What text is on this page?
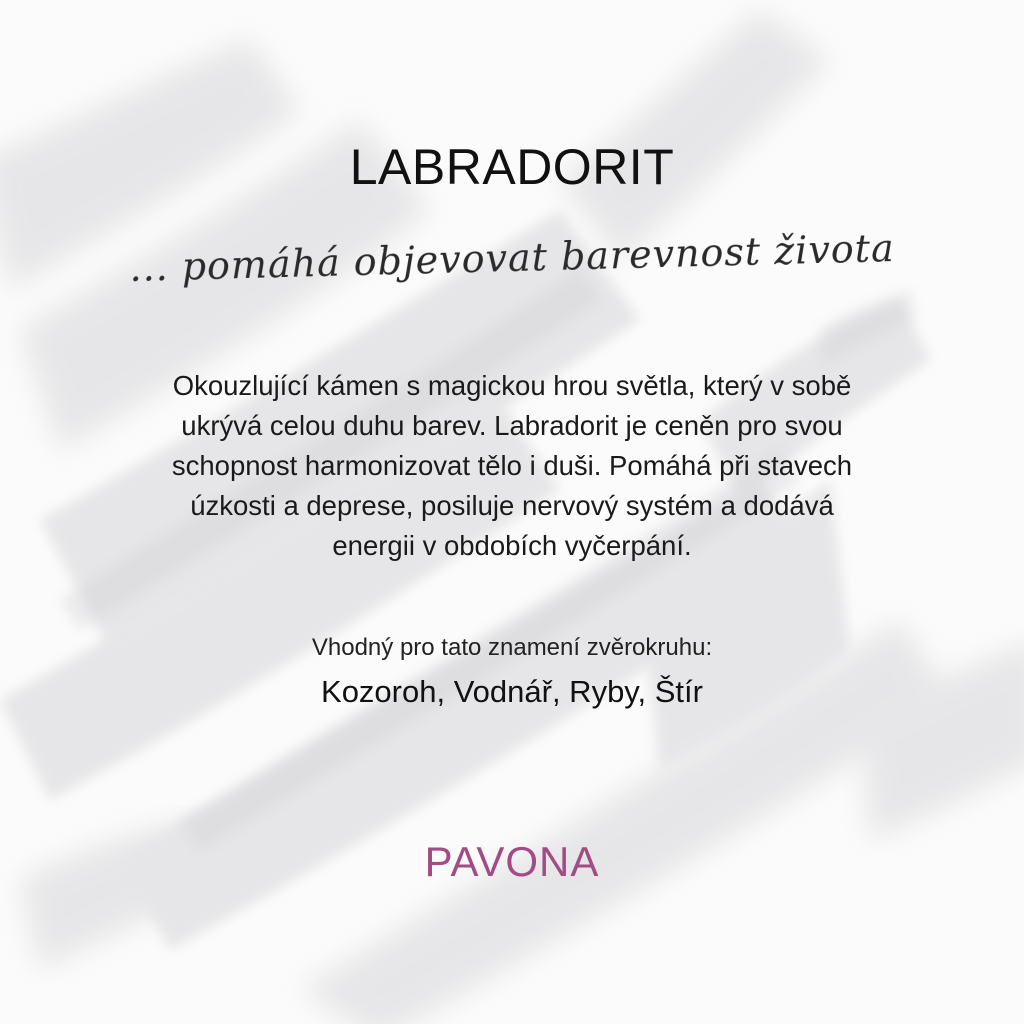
LABRADORIT
... pomáhá objevovat barevnost života

Okouzlující kámen s magickou hrou světla, který v sobě
ukrývá celou duhu barev. Labradorit je ceněn pro svou
schopnost harmonizovat tělo i duši. Pomáhá při stavech
úzkosti a deprese, posiluje nervový systém a dodává
energii v obdobích vyčerpání.

Vhodný pro tato znamení zvěrokruhu:
Kozoroh, Vodnář, Ryby, Štír
PAVONA
